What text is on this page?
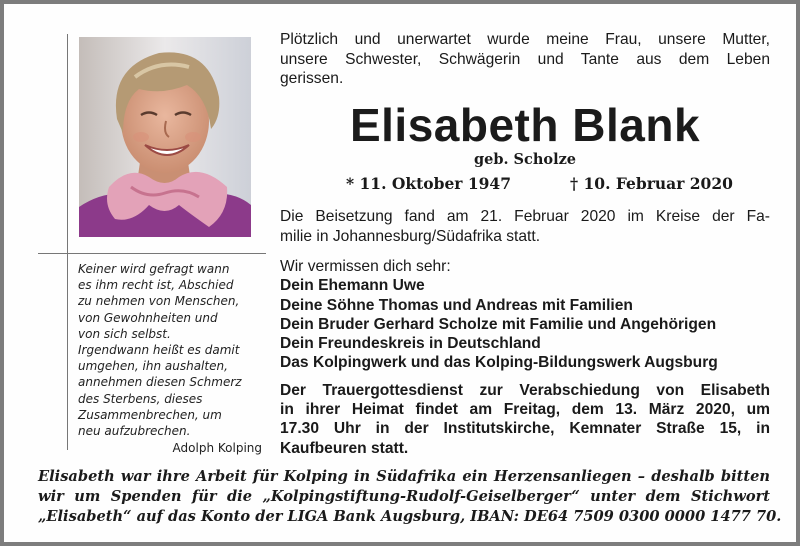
Keiner wird gefragt wann
es ihm recht ist, Abschied
zu nehmen von Menschen,
von Gewohnheiten und
von sich selbst.
Irgendwann heißt es damit
umgehen, ihn aushalten,
annehmen diesen Schmerz
des Sterbens, dieses
Zusammenbrechen, um
neu aufzubrechen.
Adolph Kolping
Plötzlich und unerwartet wurde meine Frau, unsere Mutter,
unsere Schwester, Schwägerin und Tante aus dem Leben
gerissen.
Elisabeth Blank
geb. Scholze
* 11. Oktober 1947	† 10. Februar 2020
Die Beisetzung fand am 21. Februar 2020 im Kreise der Fa-
milie in Johannesburg/Südafrika statt.
Wir vermissen dich sehr:
Dein Ehemann Uwe
Deine Söhne Thomas und Andreas mit Familien
Dein Bruder Gerhard Scholze mit Familie und Angehörigen
Dein Freundeskreis in Deutschland
Das Kolpingwerk und das Kolping-Bildungswerk Augsburg
Der Trauergottesdienst zur Verabschiedung von Elisabeth
in ihrer Heimat findet am Freitag, dem 13. März 2020, um
17.30 Uhr in der Institutskirche, Kemnater Straße 15, in
Kaufbeuren statt.
Elisabeth war ihre Arbeit für Kolping in Südafrika ein Herzensanliegen – deshalb bitten
wir um Spenden für die „Kolpingstiftung-Rudolf-Geiselberger“ unter dem Stichwort
„Elisabeth“ auf das Konto der LIGA Bank Augsburg, IBAN: DE64 7509 0300 0000 1477 70.
